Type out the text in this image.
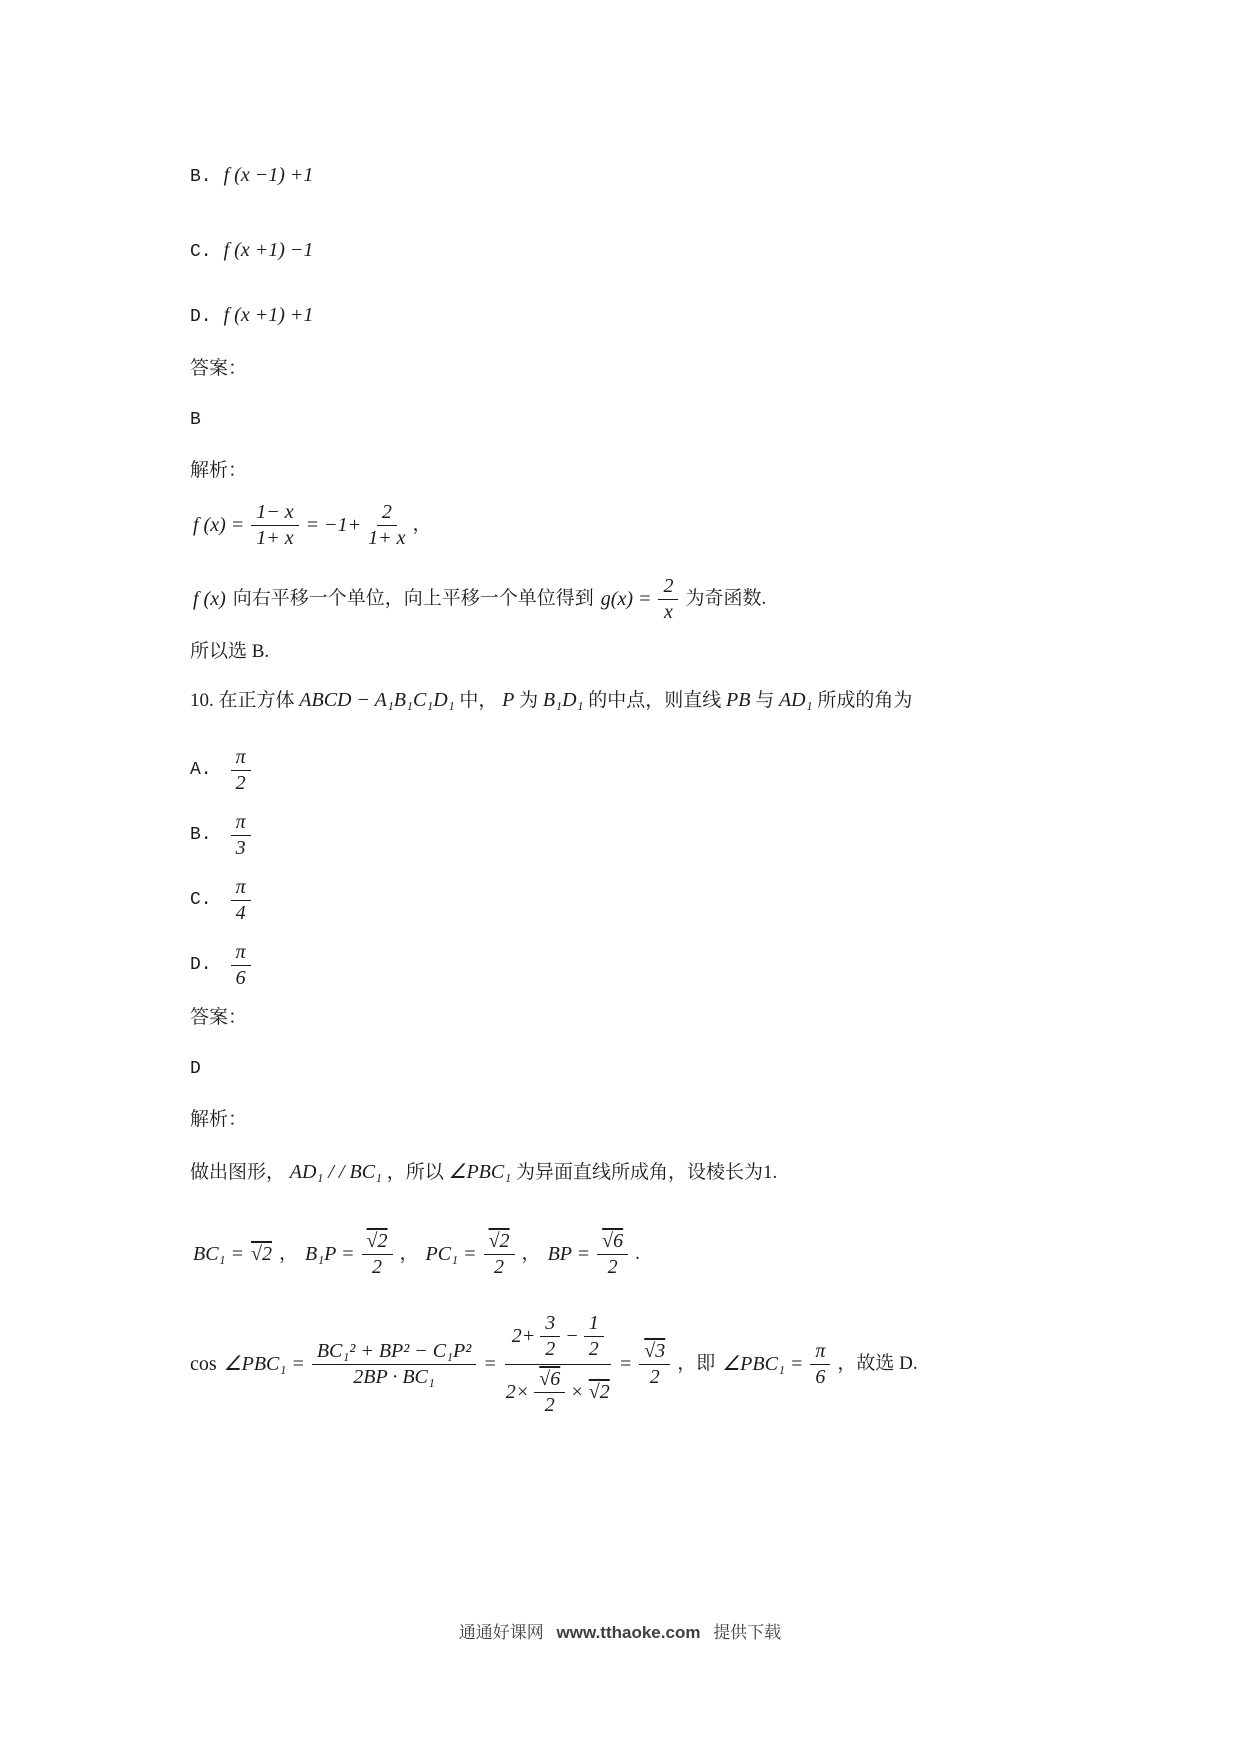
B. f (x −1) +1
C. f (x +1) −1
D. f (x +1) +1
答案：
B
解析：
f $(x) = \frac{1- x}{1+ x} = -1+ \frac{2}{1+ x}$ ，
f (x) 向右平移一个单位，向上平移一个单位得到 $g(x) = \frac{2}{x}$ 为奇函数.
所以选 B.
10. 在正方体 ABCD − A₁B₁C₁D₁ 中， P 为 B₁D₁ 的中点，则直线 PB 与 AD₁ 所成的角为
A. $\frac{\pi}{2}$
B. $\frac{\pi}{3}$
C. $\frac{\pi}{4}$
D. $\frac{\pi}{6}$
答案：
D
解析：
做出图形， AD₁ / / BC₁ ，所以 ∠PBC₁ 为异面直线所成角，设棱长为1.
BC₁ = √2 ， $B_1P = \frac{√2}{2}$ ， $PC_1 = \frac{√2}{2}$ ， BP = $\frac{√6}{2}$ .
cos ∠PBC₁ = $\frac{\text{BC₁² + BP² − C₁P²}}{\text{2BP · BC₁}}$ =
$2+ \frac{3}{2} - \frac{1}{2}$
$2\times \frac{√6}{2} \times √2$
= $\frac{√3}{2}$ ，即 ∠PBC₁ = $\frac{\pi}{6}$ ，故选 D.
通通好课网 www.tthaoke.com 提供下载
